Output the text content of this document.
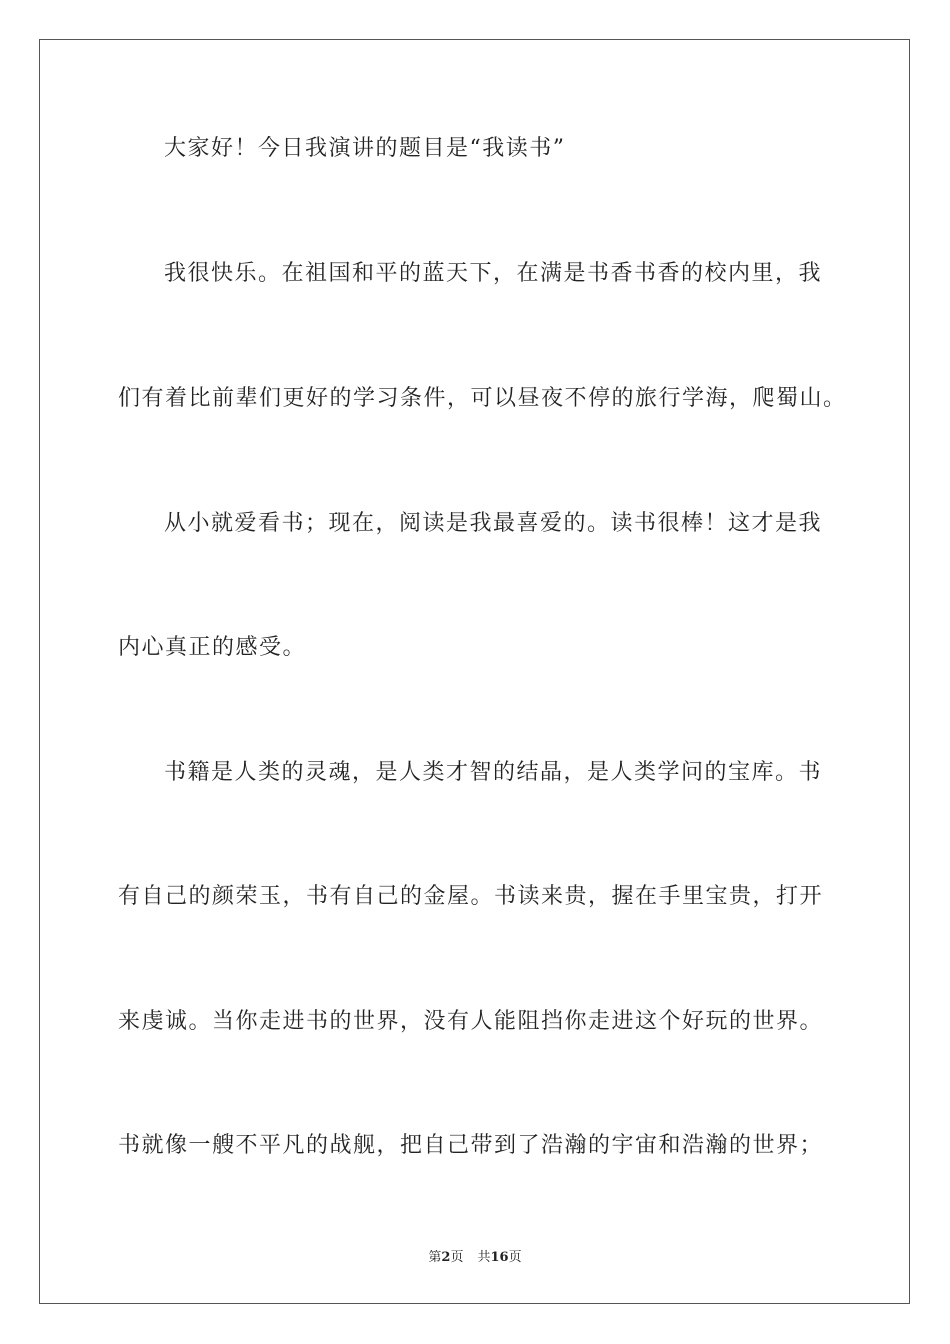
大家好！今日我演讲的题目是“我读书”
我很快乐。在祖国和平的蓝天下，在满是书香书香的校内里，我
们有着比前辈们更好的学习条件，可以昼夜不停的旅行学海，爬蜀山。
从小就爱看书；现在，阅读是我最喜爱的。读书很棒！这才是我
内心真正的感受。
书籍是人类的灵魂，是人类才智的结晶，是人类学问的宝库。书
有自己的颜荣玉，书有自己的金屋。书读来贵，握在手里宝贵，打开
来虔诚。当你走进书的世界，没有人能阻挡你走进这个好玩的世界。
书就像一艘不平凡的战舰，把自己带到了浩瀚的宇宙和浩瀚的世界；
第2页 共16页
